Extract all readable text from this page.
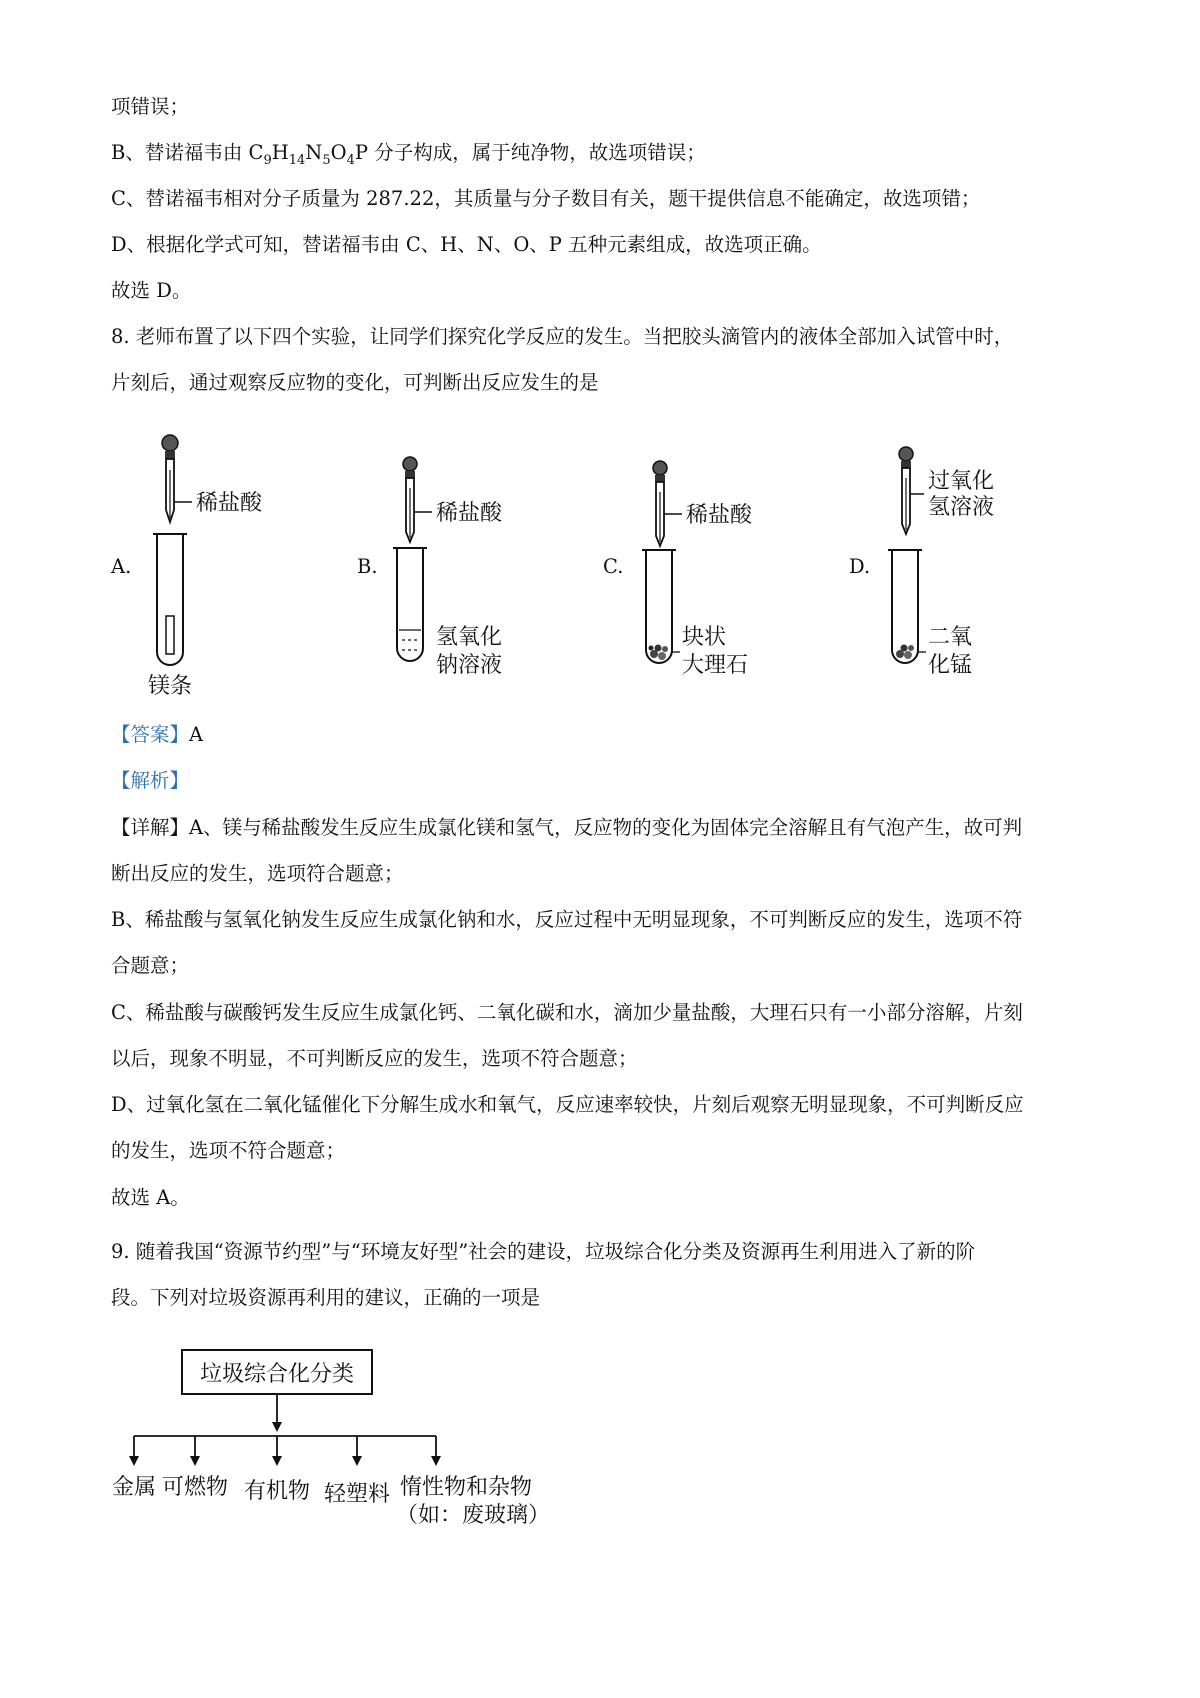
项错误；
B、替诺福韦由 $C_9H_{14}N_5O_4P$ 分子构成，属于纯净物，故选项错误；
C、替诺福韦相对分子质量为 287.22，其质量与分子数目有关，题干提供信息不能确定，故选项错；
D、根据化学式可知，替诺福韦由 C、H、N、O、P 五种元素组成，故选项正确。
故选 D。
8. 老师布置了以下四个实验，让同学们探究化学反应的发生。当把胶头滴管内的液体全部加入试管中时，
片刻后，通过观察反应物的变化，可判断出反应发生的是
A.	B.	C.	D.
稀盐酸
镁条
稀盐酸
氢氧化
钠溶液
稀盐酸
块状
大理石
过氧化
氢溶液
二氧
化锰
【答案】A
【解析】
【详解】A、镁与稀盐酸发生反应生成氯化镁和氢气，反应物的变化为固体完全溶解且有气泡产生，故可判
断出反应的发生，选项符合题意；
B、稀盐酸与氢氧化钠发生反应生成氯化钠和水，反应过程中无明显现象，不可判断反应的发生，选项不符
合题意；
C、稀盐酸与碳酸钙发生反应生成氯化钙、二氧化碳和水，滴加少量盐酸，大理石只有一小部分溶解，片刻
以后，现象不明显，不可判断反应的发生，选项不符合题意；
D、过氧化氢在二氧化锰催化下分解生成水和氧气，反应速率较快，片刻后观察无明显现象，不可判断反应
的发生，选项不符合题意；
故选 A。
9. 随着我国“资源节约型”与“环境友好型”社会的建设，垃圾综合化分类及资源再生利用进入了新的阶
段。下列对垃圾资源再利用的建议，正确的一项是
垃圾综合化分类
金属 可燃物 有机物 轻塑料 惰性物和杂物
（如：废玻璃）
